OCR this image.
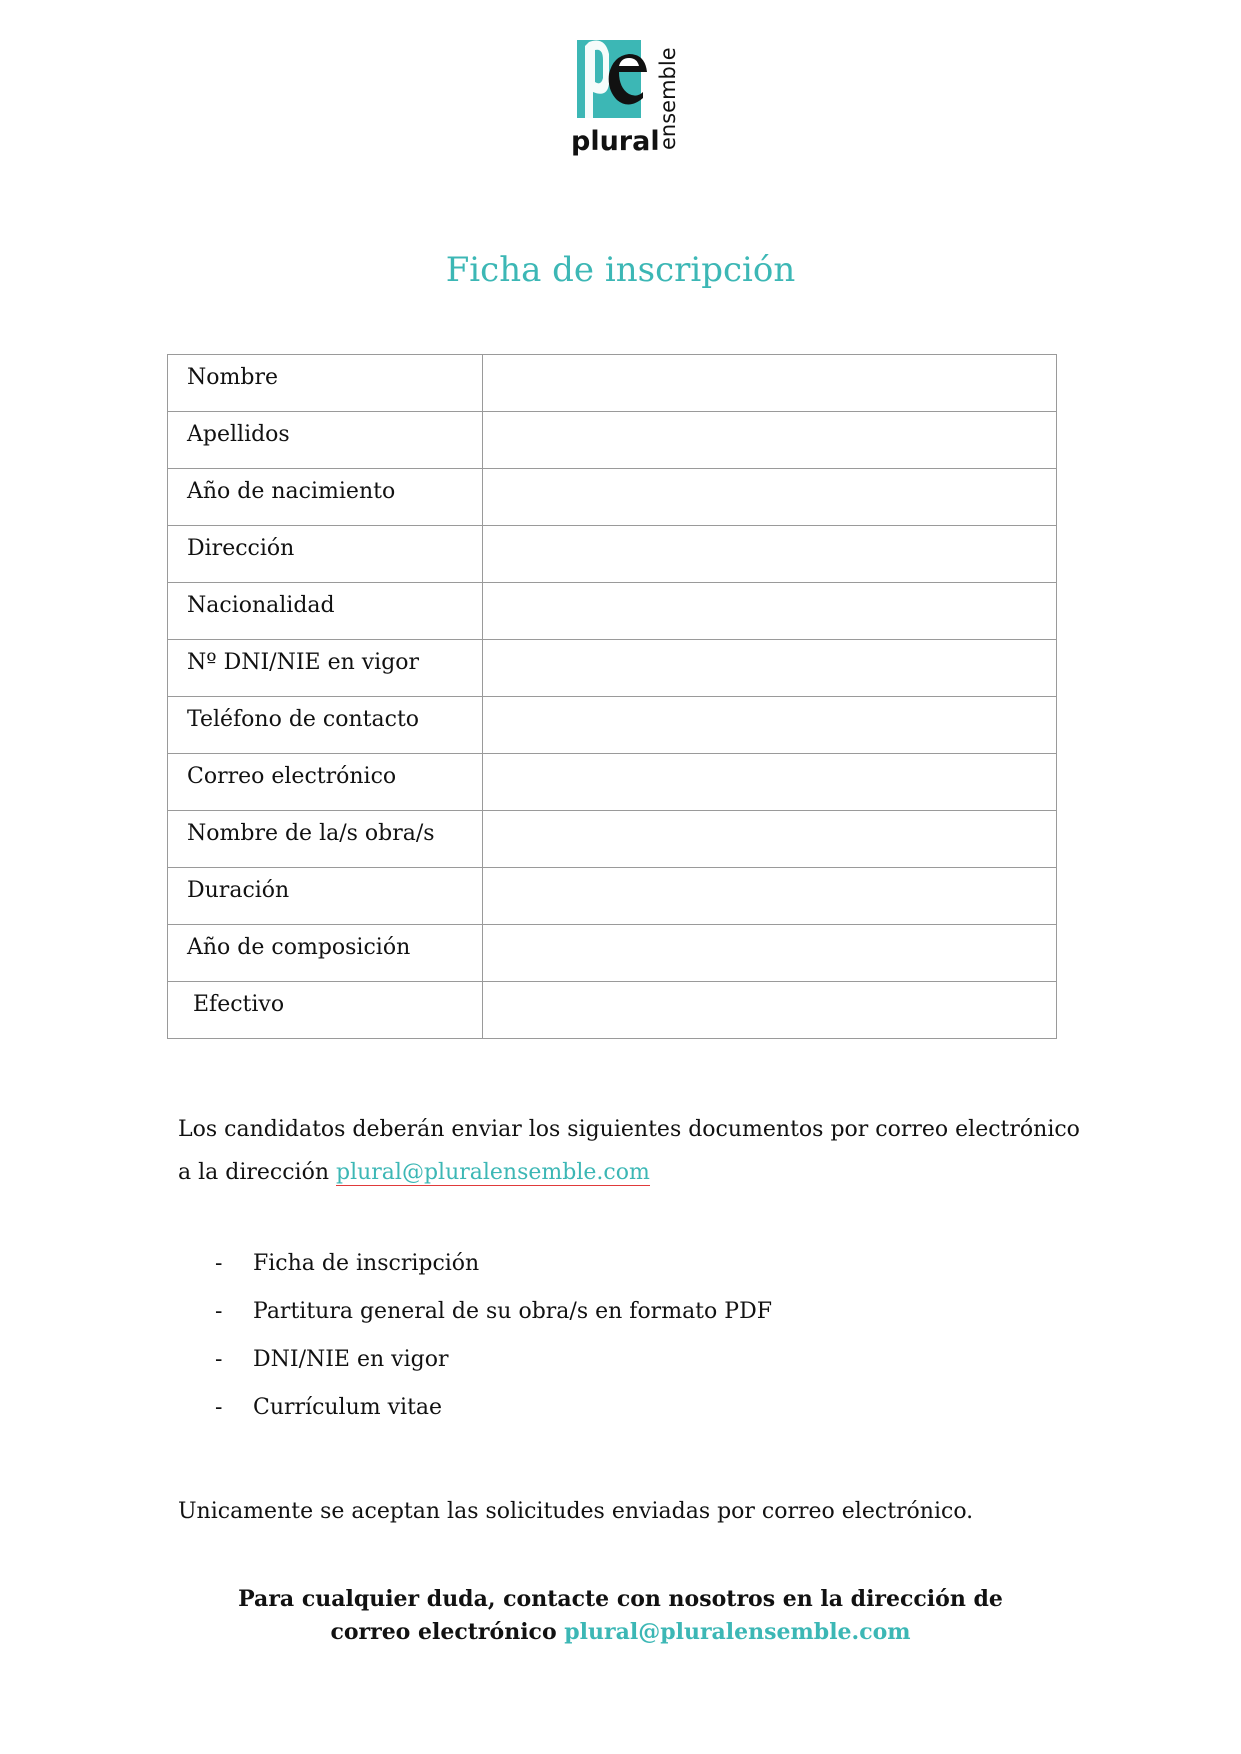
plural
ensemble
Ficha de inscripción
Nombre	
Apellidos	
Año de nacimiento	
Dirección	
Nacionalidad	
Nº DNI/NIE en vigor	
Teléfono de contacto	
Correo electrónico	
Nombre de la/s obra/s	
Duración	
Año de composición	
Efectivo	
Los candidatos deberán enviar los siguientes documentos por correo electrónico
a la dirección plural@pluralensemble.com
- Ficha de inscripción
- Partitura general de su obra/s en formato PDF
- DNI/NIE en vigor
- Currículum vitae
Unicamente se aceptan las solicitudes enviadas por correo electrónico.
Para cualquier duda, contacte con nosotros en la dirección de
correo electrónico plural@pluralensemble.com
